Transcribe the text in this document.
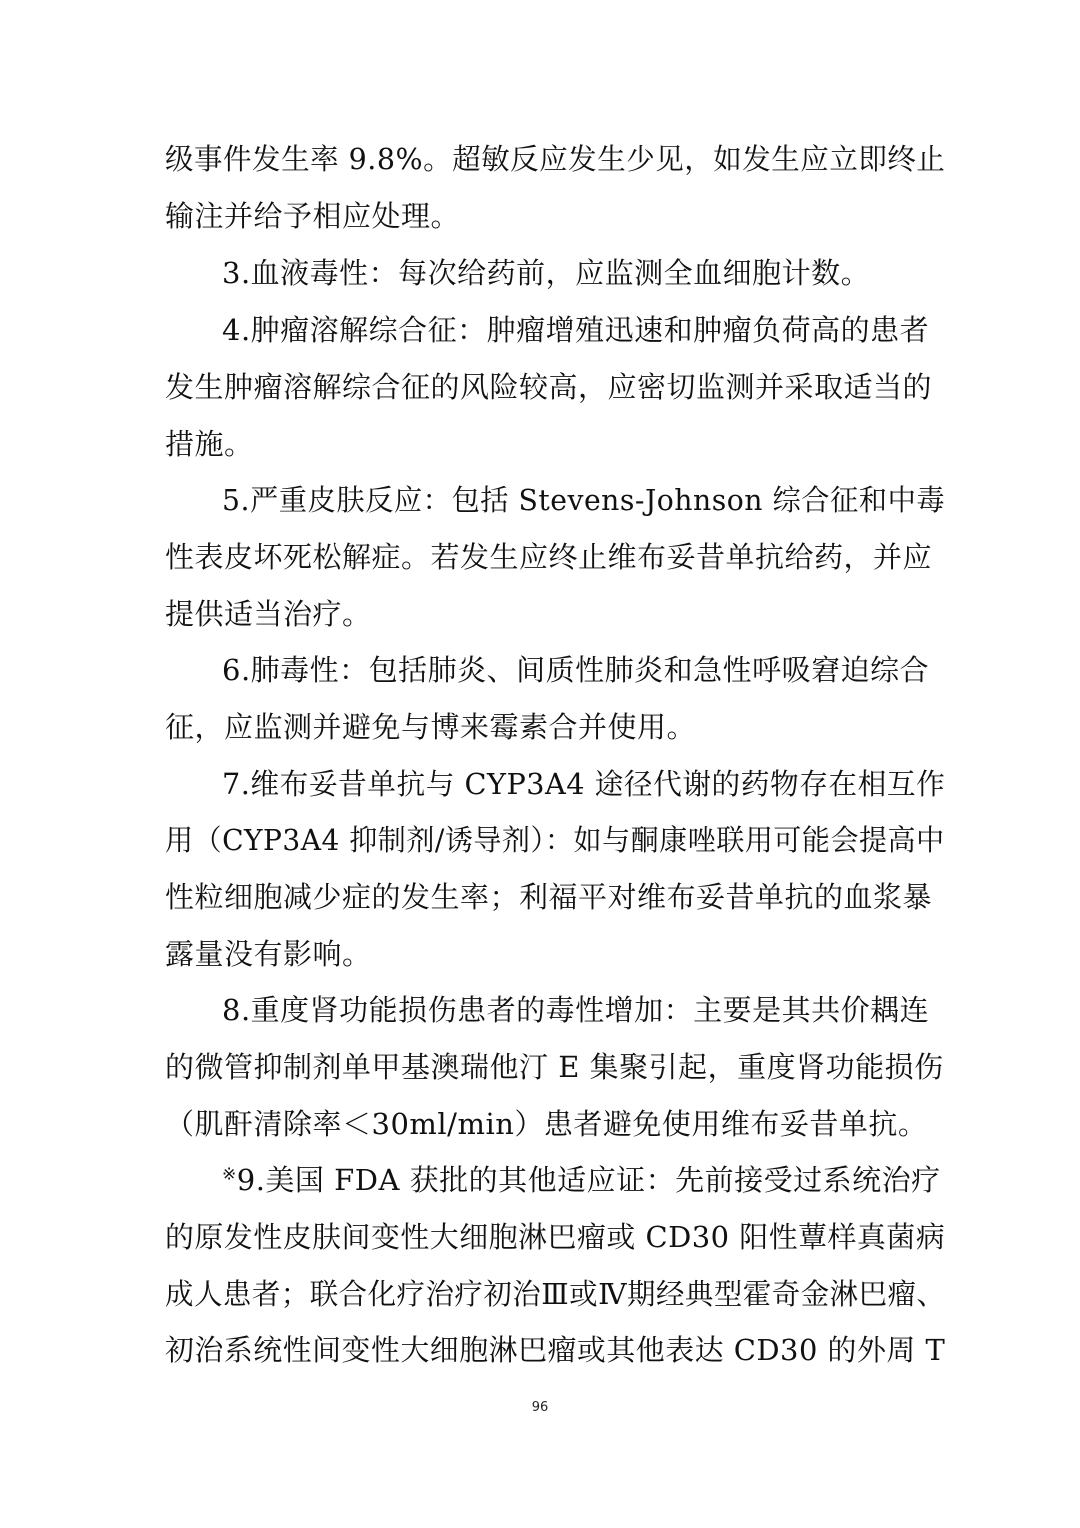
级事件发生率 9.8%。超敏反应发生少见，如发生应立即终止
输注并给予相应处理。
3.血液毒性：每次给药前，应监测全血细胞计数。
4.肿瘤溶解综合征：肿瘤增殖迅速和肿瘤负荷高的患者
发生肿瘤溶解综合征的风险较高，应密切监测并采取适当的
措施。
5.严重皮肤反应：包括 Stevens-Johnson 综合征和中毒
性表皮坏死松解症。若发生应终止维布妥昔单抗给药，并应
提供适当治疗。
6.肺毒性：包括肺炎、间质性肺炎和急性呼吸窘迫综合
征，应监测并避免与博来霉素合并使用。
7.维布妥昔单抗与 CYP3A4 途径代谢的药物存在相互作
用（CYP3A4 抑制剂/诱导剂）：如与酮康唑联用可能会提高中
性粒细胞减少症的发生率；利福平对维布妥昔单抗的血浆暴
露量没有影响。
8.重度肾功能损伤患者的毒性增加：主要是其共价耦连
的微管抑制剂单甲基澳瑞他汀 E 集聚引起，重度肾功能损伤
（肌酐清除率＜30ml/min）患者避免使用维布妥昔单抗。
※9.美国 FDA 获批的其他适应证：先前接受过系统治疗
的原发性皮肤间变性大细胞淋巴瘤或 CD30 阳性蕈样真菌病
成人患者；联合化疗治疗初治Ⅲ或Ⅳ期经典型霍奇金淋巴瘤、
初治系统性间变性大细胞淋巴瘤或其他表达 CD30 的外周 T
96
